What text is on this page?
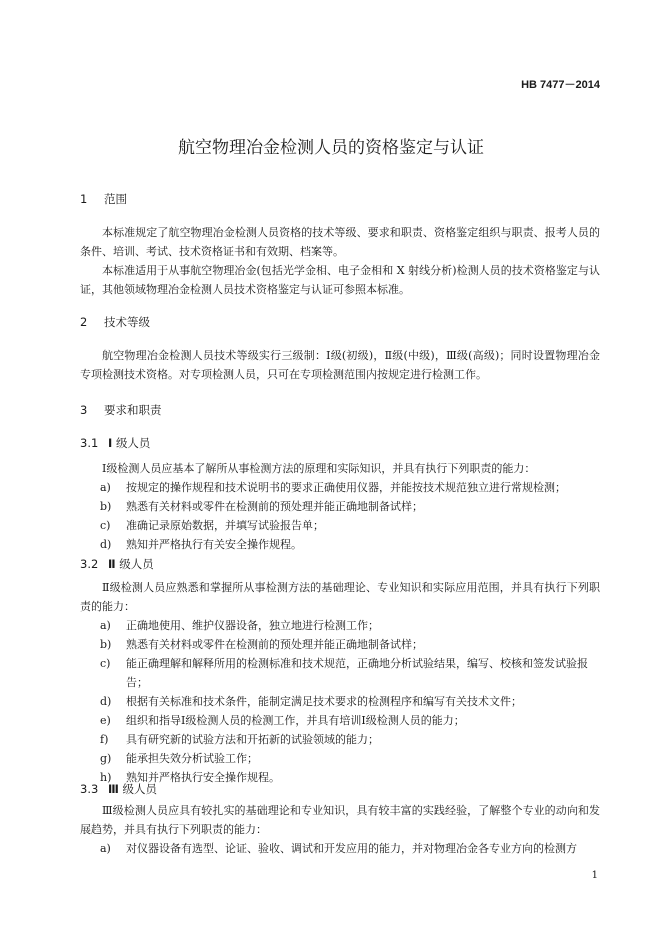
HB 7477－2014
航空物理冶金检测人员的资格鉴定与认证
1 范围
本标准规定了航空物理冶金检测人员资格的技术等级、要求和职责、资格鉴定组织与职责、报考人员的条件、培训、考试、技术资格证书和有效期、档案等。
本标准适用于从事航空物理冶金(包括光学金相、电子金相和 X 射线分析)检测人员的技术资格鉴定与认证，其他领域物理冶金检测人员技术资格鉴定与认证可参照本标准。
2 技术等级
航空物理冶金检测人员技术等级实行三级制：Ⅰ级(初级)，Ⅱ级(中级)，Ⅲ级(高级)；同时设置物理冶金专项检测技术资格。对专项检测人员，只可在专项检测范围内按规定进行检测工作。
3 要求和职责
3.1 Ⅰ 级人员
Ⅰ级检测人员应基本了解所从事检测方法的原理和实际知识，并具有执行下列职责的能力：
a) 按规定的操作规程和技术说明书的要求正确使用仪器，并能按技术规范独立进行常规检测；
b) 熟悉有关材料或零件在检测前的预处理并能正确地制备试样；
c) 准确记录原始数据，并填写试验报告单；
d) 熟知并严格执行有关安全操作规程。
3.2 Ⅱ 级人员
Ⅱ级检测人员应熟悉和掌握所从事检测方法的基础理论、专业知识和实际应用范围，并具有执行下列职责的能力：
a) 正确地使用、维护仪器设备，独立地进行检测工作；
b) 熟悉有关材料或零件在检测前的预处理并能正确地制备试样；
c) 能正确理解和解释所用的检测标准和技术规范，正确地分析试验结果，编写、校核和签发试验报告；
d) 根据有关标准和技术条件，能制定满足技术要求的检测程序和编写有关技术文件；
e) 组织和指导Ⅰ级检测人员的检测工作，并具有培训Ⅰ级检测人员的能力；
f) 具有研究新的试验方法和开拓新的试验领域的能力；
g) 能承担失效分析试验工作；
h) 熟知并严格执行安全操作规程。
3.3 Ⅲ 级人员
Ⅲ级检测人员应具有较扎实的基础理论和专业知识，具有较丰富的实践经验，了解整个专业的动向和发展趋势，并具有执行下列职责的能力：
a) 对仪器设备有选型、论证、验收、调试和开发应用的能力，并对物理冶金各专业方向的检测方
1
